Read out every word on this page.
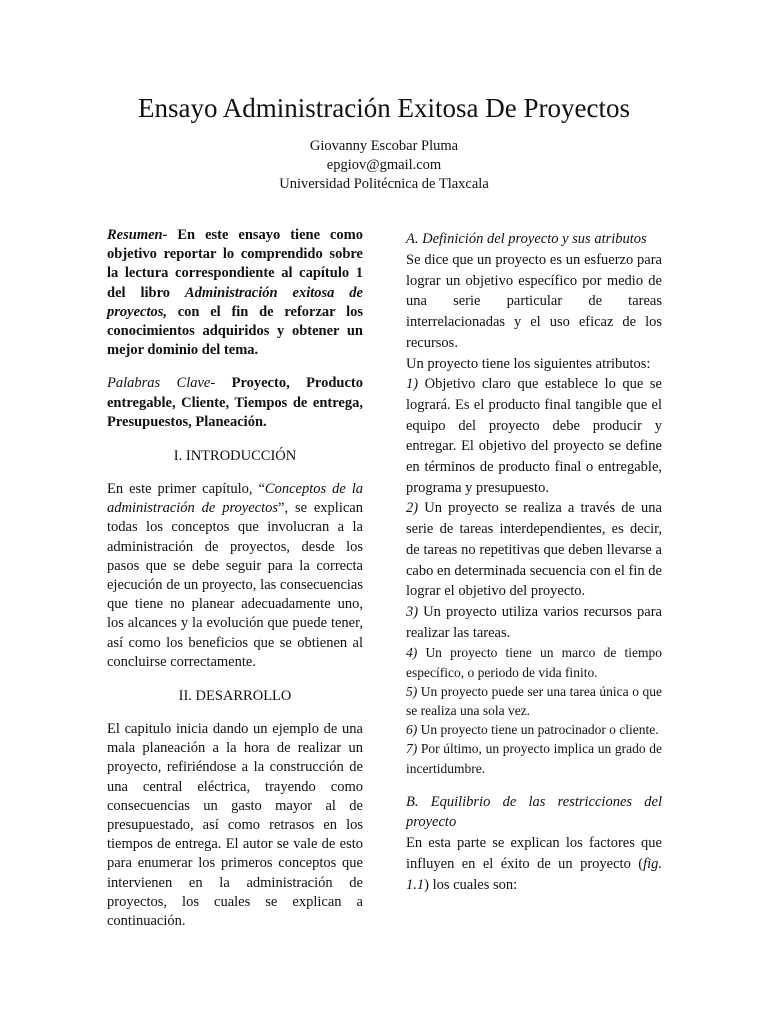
Ensayo Administración Exitosa De Proyectos
Giovanny Escobar Pluma
epgiov@gmail.com
Universidad Politécnica de Tlaxcala

Resumen- En este ensayo tiene como objetivo reportar lo comprendido sobre la lectura correspondiente al capítulo 1 del libro Administración exitosa de proyectos, con el fin de reforzar los conocimientos adquiridos y obtener un mejor dominio del tema.

Palabras Clave- Proyecto, Producto entregable, Cliente, Tiempos de entrega, Presupuestos, Planeación.

I. INTRODUCCIÓN

En este primer capítulo, “Conceptos de la administración de proyectos”, se explican todas los conceptos que involucran a la administración de proyectos, desde los pasos que se debe seguir para la correcta ejecución de un proyecto, las consecuencias que tiene no planear adecuadamente uno, los alcances y la evolución que puede tener, así como los beneficios que se obtienen al concluirse correctamente.

II. DESARROLLO

El capitulo inicia dando un ejemplo de una mala planeación a la hora de realizar un proyecto, refiriéndose a la construcción de una central eléctrica, trayendo como consecuencias un gasto mayor al de presupuestado, así como retrasos en los tiempos de entrega. El autor se vale de esto para enumerar los primeros conceptos que intervienen en la administración de proyectos, los cuales se explican a continuación.

A. Definición del proyecto y sus atributos

Se dice que un proyecto es un esfuerzo para lograr un objetivo específico por medio de una serie particular de tareas interrelacionadas y el uso eficaz de los recursos.

Un proyecto tiene los siguientes atributos:

1) Objetivo claro que establece lo que se logrará. Es el producto final tangible que el equipo del proyecto debe producir y entregar. El objetivo del proyecto se define en términos de producto final o entregable, programa y presupuesto.

2) Un proyecto se realiza a través de una serie de tareas interdependientes, es decir, de tareas no repetitivas que deben llevarse a cabo en determinada secuencia con el fin de lograr el objetivo del proyecto.

3) Un proyecto utiliza varios recursos para realizar las tareas.

4) Un proyecto tiene un marco de tiempo específico, o periodo de vida finito.

5) Un proyecto puede ser una tarea única o que se realiza una sola vez.

6) Un proyecto tiene un patrocinador o cliente.

7) Por último, un proyecto implica un grado de incertidumbre.

B. Equilibrio de las restricciones del proyecto

En esta parte se explican los factores que influyen en el éxito de un proyecto (fig. 1.1) los cuales son:
